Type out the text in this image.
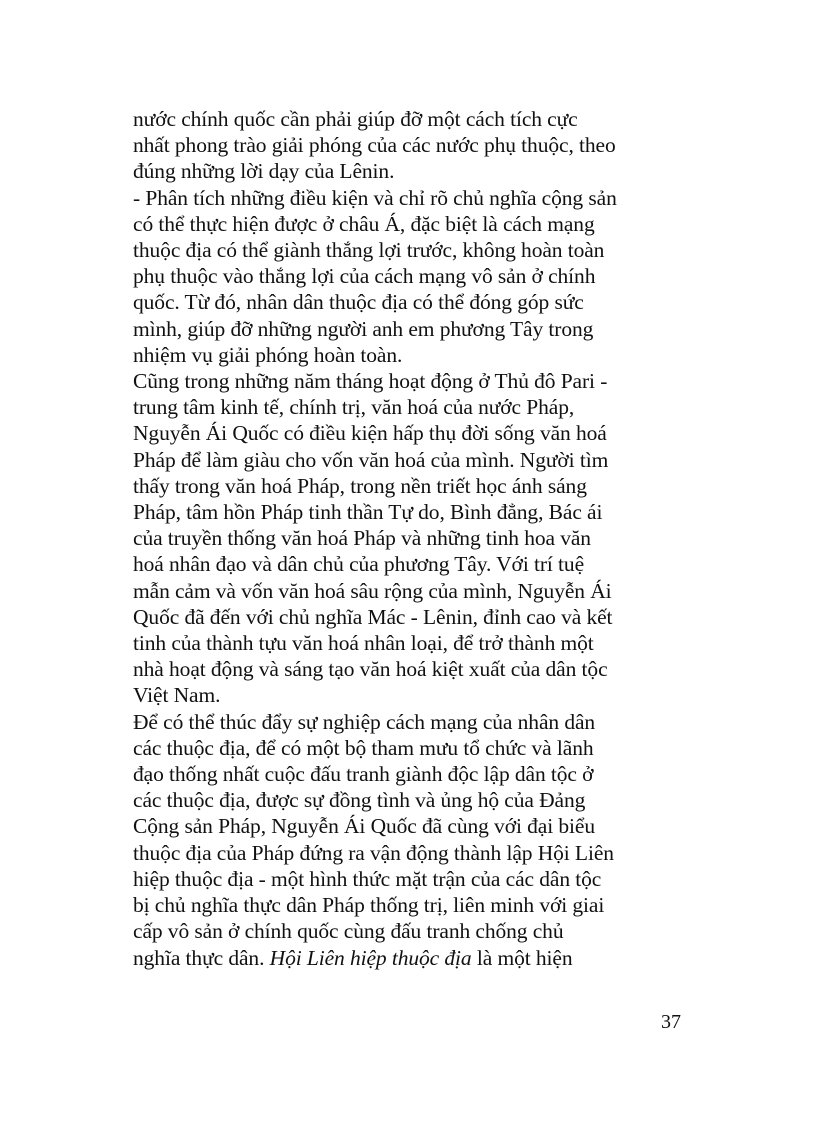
nước chính quốc cần phải giúp đỡ một cách tích cực
nhất phong trào giải phóng của các nước phụ thuộc, theo
đúng những lời dạy của Lênin.
- Phân tích những điều kiện và chỉ rõ chủ nghĩa cộng sản
có thể thực hiện được ở châu Á, đặc biệt là cách mạng
thuộc địa có thể giành thắng lợi trước, không hoàn toàn
phụ thuộc vào thắng lợi của cách mạng vô sản ở chính
quốc. Từ đó, nhân dân thuộc địa có thể đóng góp sức
mình, giúp đỡ những người anh em phương Tây trong
nhiệm vụ giải phóng hoàn toàn.
Cũng trong những năm tháng hoạt động ở Thủ đô Pari -
trung tâm kinh tế, chính trị, văn hoá của nước Pháp,
Nguyễn Ái Quốc có điều kiện hấp thụ đời sống văn hoá
Pháp để làm giàu cho vốn văn hoá của mình. Người tìm
thấy trong văn hoá Pháp, trong nền triết học ánh sáng
Pháp, tâm hồn Pháp tinh thần Tự do, Bình đẳng, Bác ái
của truyền thống văn hoá Pháp và những tinh hoa văn
hoá nhân đạo và dân chủ của phương Tây. Với trí tuệ
mẫn cảm và vốn văn hoá sâu rộng của mình, Nguyễn Ái
Quốc đã đến với chủ nghĩa Mác - Lênin, đỉnh cao và kết
tinh của thành tựu văn hoá nhân loại, để trở thành một
nhà hoạt động và sáng tạo văn hoá kiệt xuất của dân tộc
Việt Nam.
Để có thể thúc đẩy sự nghiệp cách mạng của nhân dân
các thuộc địa, để có một bộ tham mưu tổ chức và lãnh
đạo thống nhất cuộc đấu tranh giành độc lập dân tộc ở
các thuộc địa, được sự đồng tình và ủng hộ của Đảng
Cộng sản Pháp, Nguyễn Ái Quốc đã cùng với đại biểu
thuộc địa của Pháp đứng ra vận động thành lập Hội Liên
hiệp thuộc địa - một hình thức mặt trận của các dân tộc
bị chủ nghĩa thực dân Pháp thống trị, liên minh với giai
cấp vô sản ở chính quốc cùng đấu tranh chống chủ
nghĩa thực dân. Hội Liên hiệp thuộc địa là một hiện
37
